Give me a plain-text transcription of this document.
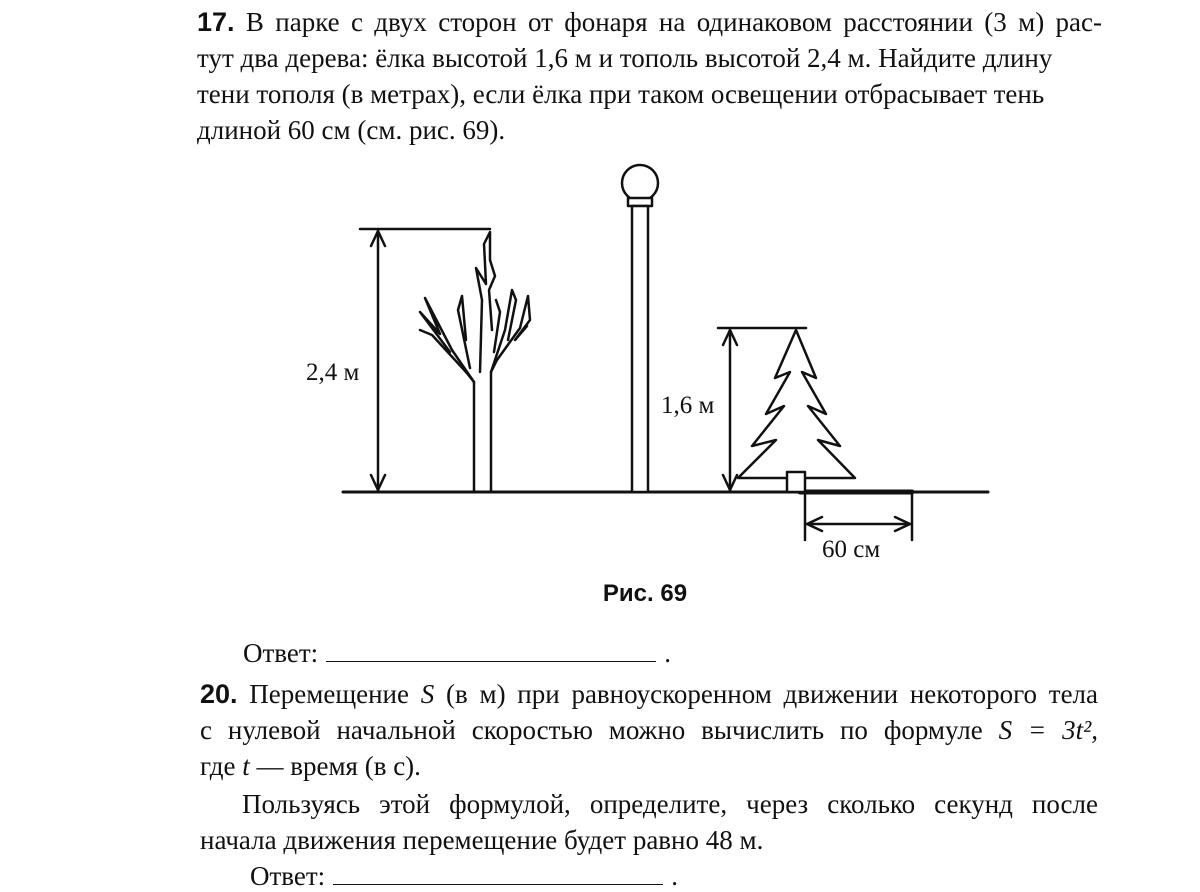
17. В парке с двух сторон от фонаря на одинаковом расстоянии (3 м) рас-
тут два дерева: ёлка высотой 1,6 м и тополь высотой 2,4 м. Найдите длину
тени тополя (в метрах), если ёлка при таком освещении отбрасывает тень
длиной 60 см (см. рис. 69).
2,4 м
1,6 м
60 см
Рис. 69
Ответ:	.
20. Перемещение S (в м) при равноускоренном движении некоторого тела
с нулевой начальной скоростью можно вычислить по формуле S = 3t²,
где t — время (в с).
Пользуясь этой формулой, определите, через сколько секунд после
начала движения перемещение будет равно 48 м.
Ответ:	.
